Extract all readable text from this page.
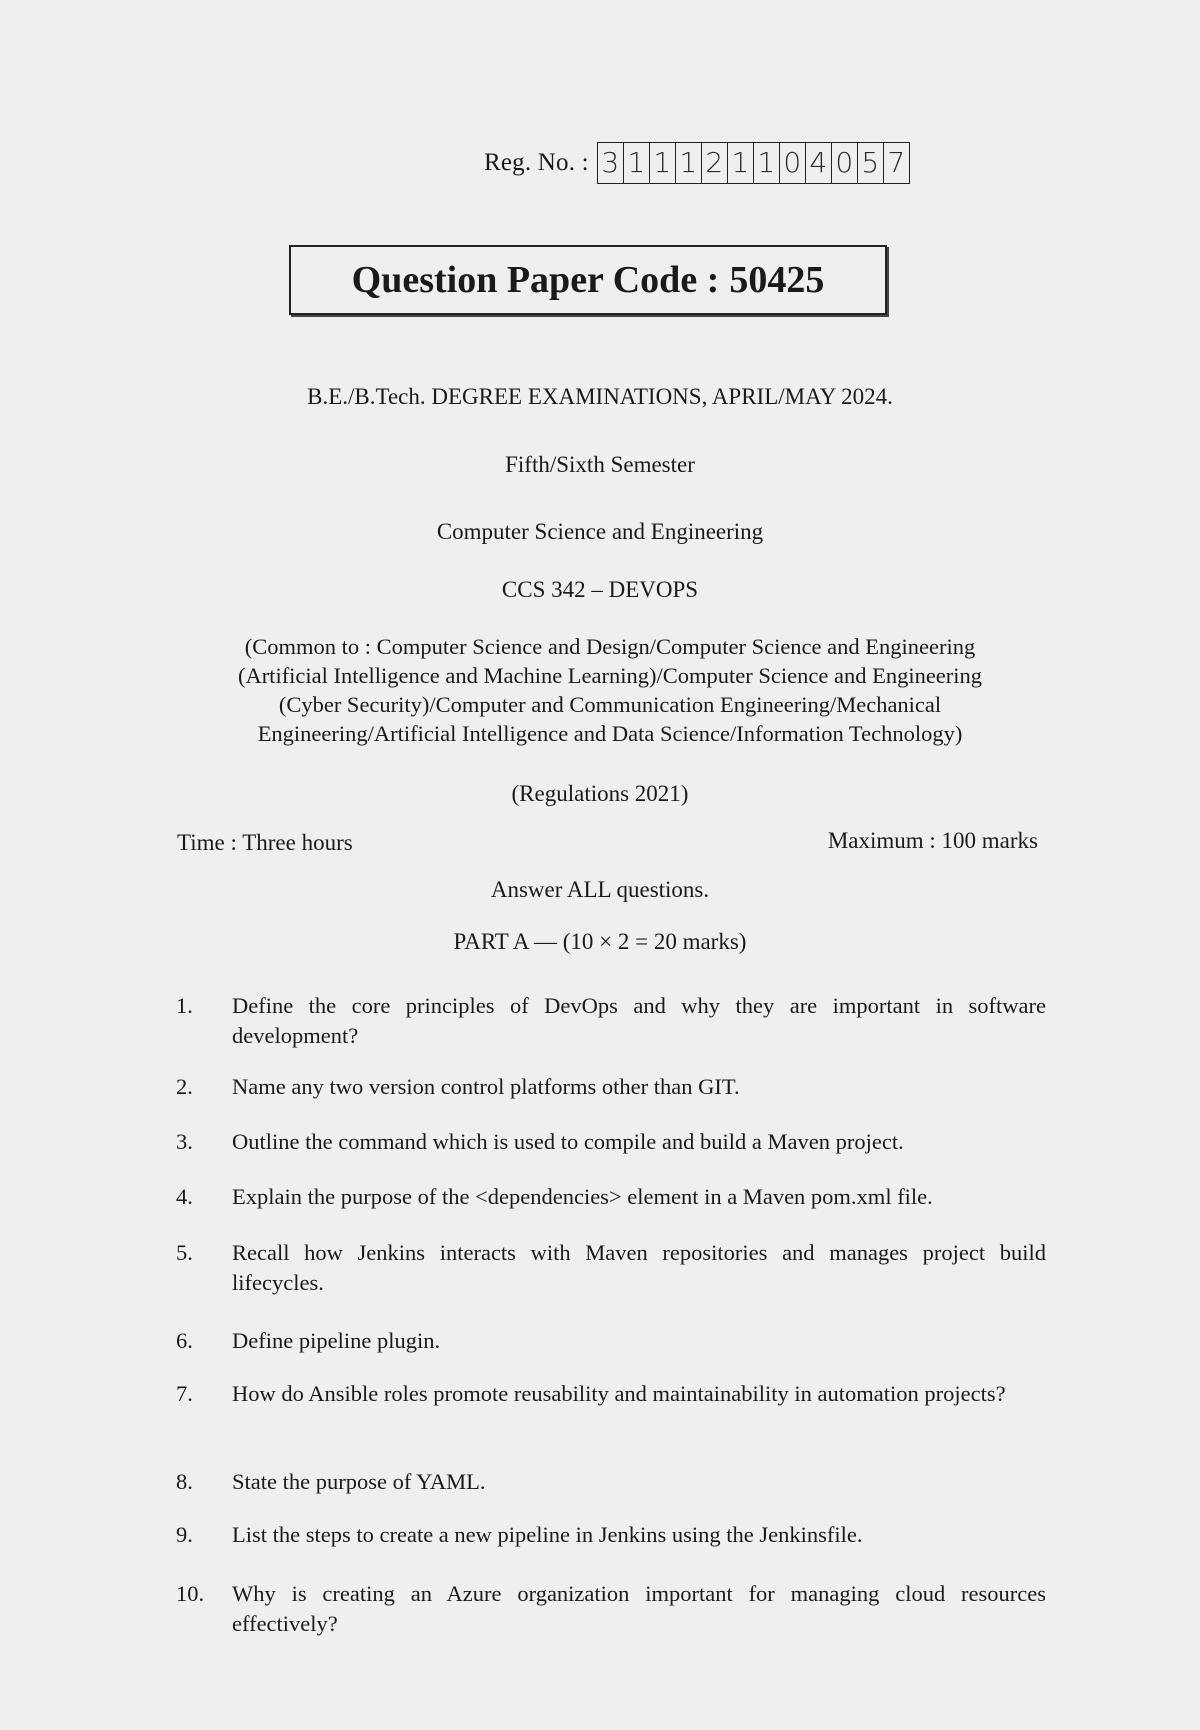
Reg. No. : 3 1 1 1 2 1 1 0 4 0 5 7
Question Paper Code : 50425
B.E./B.Tech. DEGREE EXAMINATIONS, APRIL/MAY 2024.
Fifth/Sixth Semester
Computer Science and Engineering
CCS 342 – DEVOPS
(Common to : Computer Science and Design/Computer Science and Engineering
(Artificial Intelligence and Machine Learning)/Computer Science and Engineering
(Cyber Security)/Computer and Communication Engineering/Mechanical
Engineering/Artificial Intelligence and Data Science/Information Technology)
(Regulations 2021)
Time : Three hours	Maximum : 100 marks
Answer ALL questions.
PART A — (10 × 2 = 20 marks)
1.	Define the core principles of DevOps and why they are important in software development?
2.	Name any two version control platforms other than GIT.
3.	Outline the command which is used to compile and build a Maven project.
4.	Explain the purpose of the <dependencies> element in a Maven pom.xml file.
5.	Recall how Jenkins interacts with Maven repositories and manages project build lifecycles.
6.	Define pipeline plugin.
7.	How do Ansible roles promote reusability and maintainability in automation projects?
8.	State the purpose of YAML.
9.	List the steps to create a new pipeline in Jenkins using the Jenkinsfile.
10.	Why is creating an Azure organization important for managing cloud resources effectively?
